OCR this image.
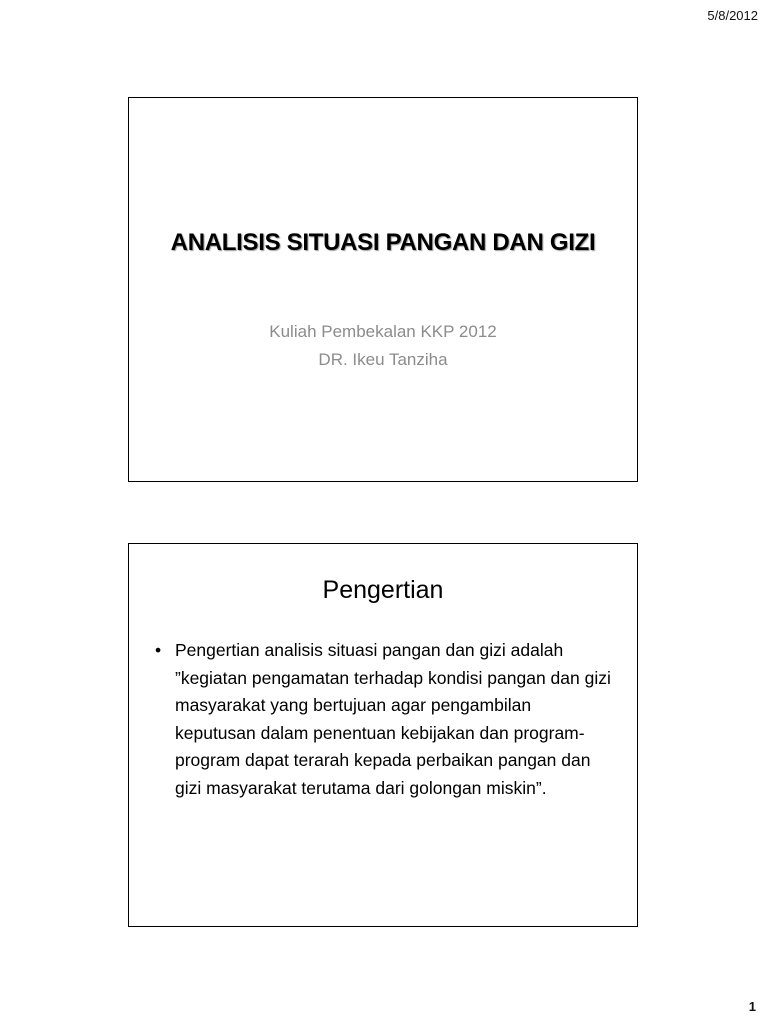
5/8/2012
ANALISIS SITUASI PANGAN DAN GIZI
Kuliah Pembekalan KKP 2012
DR. Ikeu Tanziha
Pengertian
• Pengertian analisis situasi pangan dan gizi adalah ”kegiatan pengamatan terhadap kondisi pangan dan gizi masyarakat yang bertujuan agar pengambilan keputusan dalam penentuan kebijakan dan program-program dapat terarah kepada perbaikan pangan dan gizi masyarakat terutama dari golongan miskin”.
1
